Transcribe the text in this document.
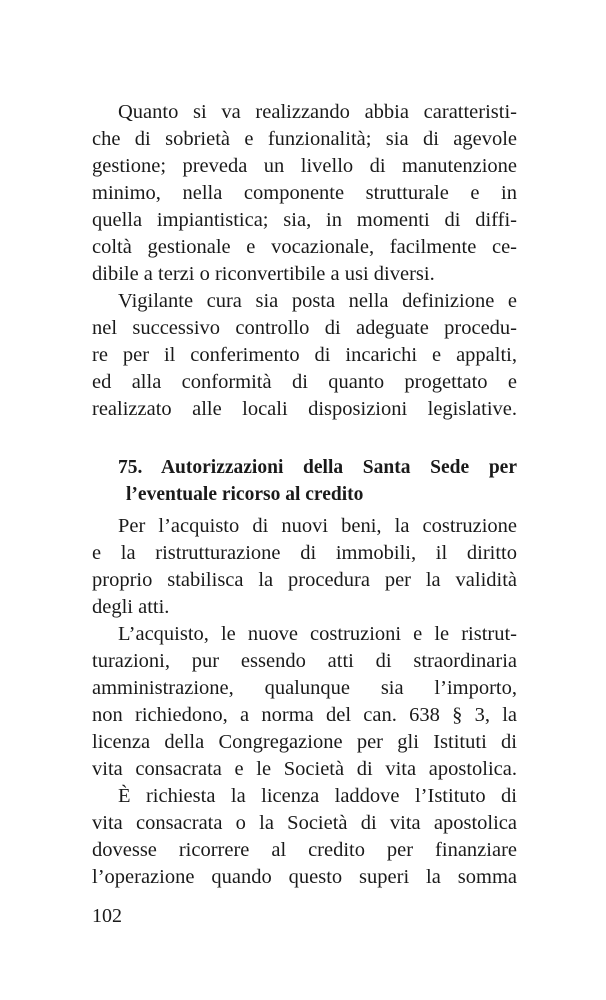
Quanto si va realizzando abbia caratteristi-
che di sobrietà e funzionalità; sia di agevole
gestione; preveda un livello di manutenzione
minimo, nella componente strutturale e in
quella impiantistica; sia, in momenti di diffi-
coltà gestionale e vocazionale, facilmente ce-
dibile a terzi o riconvertibile a usi diversi.
Vigilante cura sia posta nella definizione e
nel successivo controllo di adeguate procedu-
re per il conferimento di incarichi e appalti,
ed alla conformità di quanto progettato e
realizzato alle locali disposizioni legislative.
75. Autorizzazioni della Santa Sede per
l’eventuale ricorso al credito
Per l’acquisto di nuovi beni, la costruzione
e la ristrutturazione di immobili, il diritto
proprio stabilisca la procedura per la validità
degli atti.
L’acquisto, le nuove costruzioni e le ristrut-
turazioni, pur essendo atti di straordinaria
amministrazione, qualunque sia l’importo,
non richiedono, a norma del can. 638 § 3, la
licenza della Congregazione per gli Istituti di
vita consacrata e le Società di vita apostolica.
È richiesta la licenza laddove l’Istituto di
vita consacrata o la Società di vita apostolica
dovesse ricorrere al credito per finanziare
l’operazione quando questo superi la somma
102
